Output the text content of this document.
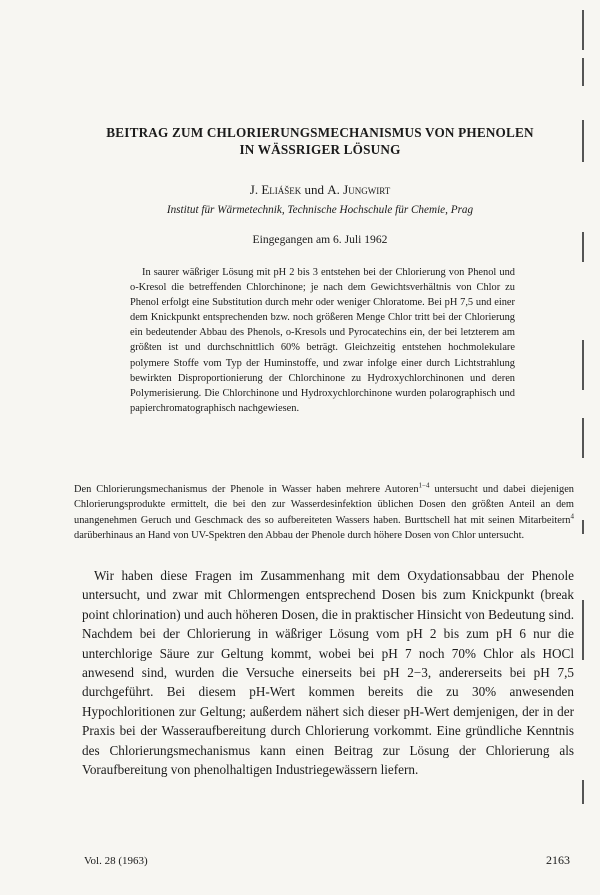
BEITRAG ZUM CHLORIERUNGSMECHANISMUS VON PHENOLEN
IN WÄSSRIGER LÖSUNG
J. Eliášek und A. Jungwirt
Institut für Wärmetechnik, Technische Hochschule für Chemie, Prag
Eingegangen am 6. Juli 1962
In saurer wäßriger Lösung mit pH 2 bis 3 entstehen bei der Chlorierung von Phenol und o-Kresol die betreffenden Chlorchinone; je nach dem Gewichtsverhältnis von Chlor zu Phenol erfolgt eine Substitution durch mehr oder weniger Chloratome. Bei pH 7,5 und einer dem Knickpunkt entsprechenden bzw. noch größeren Menge Chlor tritt bei der Chlorierung ein bedeutender Abbau des Phenols, o-Kresols und Pyrocatechins ein, der bei letzterem am größten ist und durchschnittlich 60% beträgt. Gleichzeitig entstehen hochmolekulare polymere Stoffe vom Typ der Huminstoffe, und zwar infolge einer durch Lichtstrahlung bewirkten Disproportionierung der Chlorchinone zu Hydroxychlorchinonen und deren Polymerisierung. Die Chlorchinone und Hydroxychlorchinone wurden polarographisch und papierchromatographisch nachgewiesen.
Den Chlorierungsmechanismus der Phenole in Wasser haben mehrere Autoren$^{1-4}$ untersucht und dabei diejenigen Chlorierungsprodukte ermittelt, die bei den zur Wasserdesinfektion üblichen Dosen den größten Anteil an dem unangenehmen Geruch und Geschmack des so aufbereiteten Wassers haben. Burttschell hat mit seinen Mitarbeitern$^4$ darüberhinaus an Hand von UV-Spektren den Abbau der Phenole durch höhere Dosen von Chlor untersucht.
Wir haben diese Fragen im Zusammenhang mit dem Oxydationsabbau der Phenole untersucht, und zwar mit Chlormengen entsprechend Dosen bis zum Knickpunkt (break point chlorination) und auch höheren Dosen, die in praktischer Hinsicht von Bedeutung sind. Nachdem bei der Chlorierung in wäßriger Lösung vom pH 2 bis zum pH 6 nur die unterchlorige Säure zur Geltung kommt, wobei bei pH 7 noch 70% Chlor als HOCl anwesend sind, wurden die Versuche einerseits bei pH 2−3, andererseits bei pH 7,5 durchgeführt. Bei diesem pH-Wert kommen bereits die zu 30% anwesenden Hypochloritionen zur Geltung; außerdem nähert sich dieser pH-Wert demjenigen, der in der Praxis bei der Wasseraufbereitung durch Chlorierung vorkommt. Eine gründliche Kenntnis des Chlorierungsmechanismus kann einen Beitrag zur Lösung der Chlorierung als Voraufbereitung von phenolhaltigen Industriegewässern liefern.
Vol. 28 (1963)	2163
